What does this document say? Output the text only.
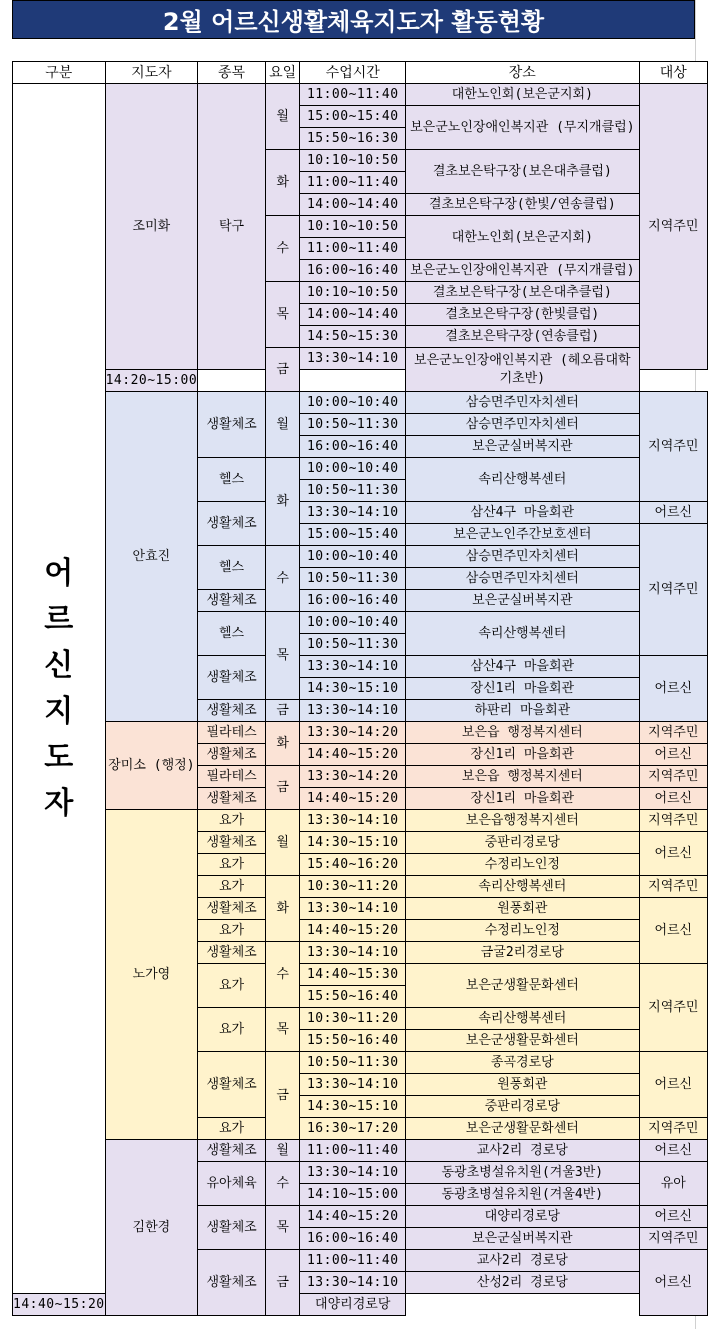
2월 어르신생활체육지도자 활동현황
구분	지도자	종목	요일	수업시간	장소	대상
어
르
신
지
도
자	조미화	탁구	월	11:00~11:40	대한노인회(보은군지회)	지역주민
				15:00~15:40	보은군노인장애인복지관 (무지개클럽)	
				15:50~16:30		
			화	10:10~10:50	결초보은탁구장(보은대추클럽)	
				11:00~11:40		
				14:00~14:40	결초보은탁구장(한빛/연송클럽)	
			수	10:10~10:50	대한노인회(보은군지회)	
				11:00~11:40		
				16:00~16:40	보은군노인장애인복지관 (무지개클럽)	

			목	10:10~10:50	결초보은탁구장(보은대추클럽)	
				14:00~14:40	결초보은탁구장(한빛클럽)	
				14:50~15:30	결초보은탁구장(연송클럽)	
			금	13:30~14:10	보은군노인장애인복지관 (헤오름대학 기초반)	
	14:20~15:00					
	안효진	생활체조	월	10:00~10:40	삼승면주민자치센터	지역주민
				10:50~11:30	삼승면주민자치센터	
				16:00~16:40	보은군실버복지관	
		헬스	화	10:00~10:40	속리산행복센터	
				10:50~11:30		
		생활체조		13:30~14:10	삼산4구 마을회관	어르신
				15:00~15:40	보은군노인주간보호센터	지역주민
		헬스	수	10:00~10:40	삼승면주민자치센터	
				10:50~11:30	삼승면주민자치센터	
		생활체조		16:00~16:40	보은군실버복지관	
		헬스	목	10:00~10:40	속리산행복센터	
				10:50~11:30		
		생활체조		13:30~14:10	삼산4구 마을회관	어르신
				14:30~15:10	장신1리 마을회관	
		생활체조	금	13:30~14:10	하판리 마을회관	
	장미소 (행정)	필라테스	화	13:30~14:20	보은읍 행정복지센터	지역주민
		생활체조		14:40~15:20	장신1리 마을회관	어르신
		필라테스	금	13:30~14:20	보은읍 행정복지센터	지역주민
		생활체조		14:40~15:20	장신1리 마을회관	어르신
	노가영	요가	월	13:30~14:10	보은읍행정복지센터	지역주민
		생활체조		14:30~15:10	중판리경로당	어르신
		요가		15:40~16:20	수정리노인정	
		요가	화	10:30~11:20	속리산행복센터	지역주민
		생활체조		13:30~14:10	원풍회관	어르신
		요가		14:40~15:20	수정리노인정	
		생활체조	수	13:30~14:10	금굴2리경로당	
		요가		14:40~15:30	보은군생활문화센터	지역주민
				15:50~16:40		
		요가	목	10:30~11:20	속리산행복센터	
				15:50~16:40	보은군생활문화센터	
		생활체조	금	10:50~11:30	종곡경로당	어르신
				13:30~14:10	원풍회관	
				14:30~15:10	중판리경로당	
		요가		16:30~17:20	보은군생활문화센터	지역주민
	김한경	생활체조	월	11:00~11:40	교사2리 경로당	어르신
		유아체육	수	13:30~14:10	동광초병설유치원(겨울3반)	유아
				14:10~15:00	동광초병설유치원(겨울4반)	
		생활체조	목	14:40~15:20	대양리경로당	어르신
				16:00~16:40	보은군실버복지관	지역주민
		생활체조	금	11:00~11:40	교사2리 경로당	어르신
				13:30~14:10	산성2리 경로당	
14:40~15:20				대양리경로당		
